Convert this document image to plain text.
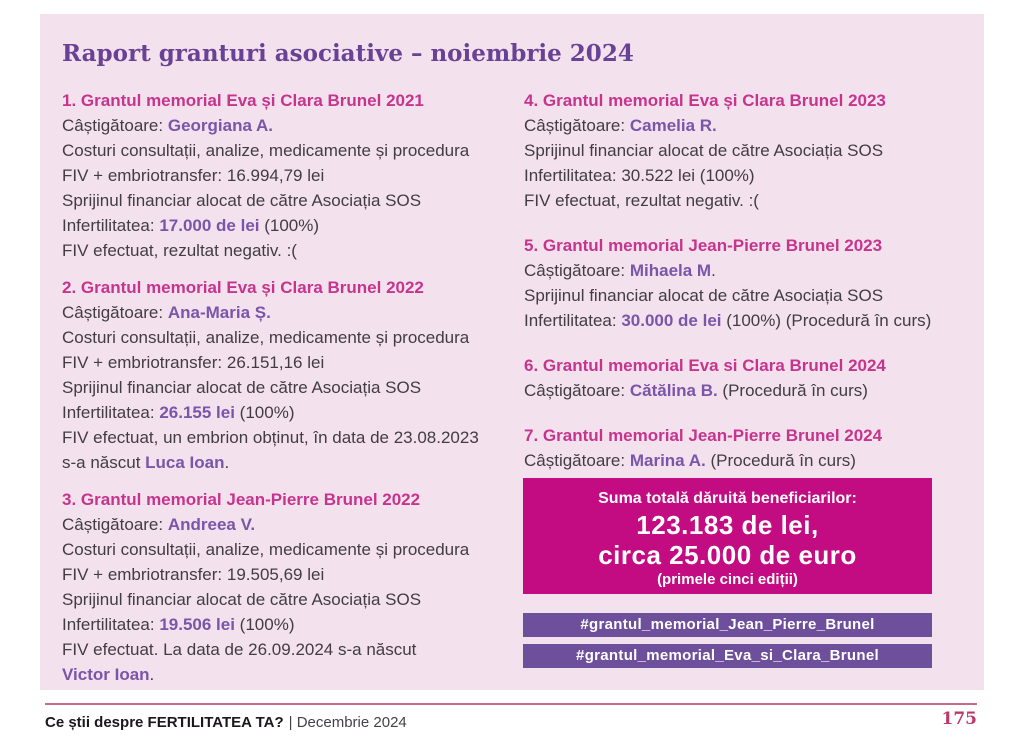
Raport granturi asociative – noiembrie 2024
1. Grantul memorial Eva și Clara Brunel 2021
Câștigătoare: Georgiana A.
Costuri consultații, analize, medicamente și procedura
FIV + embriotransfer: 16.994,79 lei
Sprijinul financiar alocat de către Asociația SOS
Infertilitatea: 17.000 de lei (100%)
FIV efectuat, rezultat negativ. :(
2. Grantul memorial Eva și Clara Brunel 2022
Câștigătoare: Ana-Maria Ș.
Costuri consultații, analize, medicamente și procedura
FIV + embriotransfer: 26.151,16 lei
Sprijinul financiar alocat de către Asociația SOS
Infertilitatea: 26.155 lei (100%)
FIV efectuat, un embrion obținut, în data de 23.08.2023
s-a născut Luca Ioan.
3. Grantul memorial Jean-Pierre Brunel 2022
Câștigătoare: Andreea V.
Costuri consultații, analize, medicamente și procedura
FIV + embriotransfer: 19.505,69 lei
Sprijinul financiar alocat de către Asociația SOS
Infertilitatea: 19.506 lei (100%)
FIV efectuat. La data de 26.09.2024 s-a născut
Victor Ioan.
4. Grantul memorial Eva și Clara Brunel 2023
Câștigătoare: Camelia R.
Sprijinul financiar alocat de către Asociația SOS
Infertilitatea: 30.522 lei (100%)
FIV efectuat, rezultat negativ. :(
5. Grantul memorial Jean-Pierre Brunel 2023
Câștigătoare: Mihaela M.
Sprijinul financiar alocat de către Asociația SOS
Infertilitatea: 30.000 de lei (100%) (Procedură în curs)
6. Grantul memorial Eva si Clara Brunel 2024
Câștigătoare: Cătălina B. (Procedură în curs)
7. Grantul memorial Jean-Pierre Brunel 2024
Câștigătoare: Marina A. (Procedură în curs)
Suma totală dăruită beneficiarilor:
123.183 de lei,
circa 25.000 de euro
(primele cinci ediții)
#grantul_memorial_Jean_Pierre_Brunel
#grantul_memorial_Eva_si_Clara_Brunel
Ce știi despre FERTILITATEA TA? | Decembrie 2024	175
